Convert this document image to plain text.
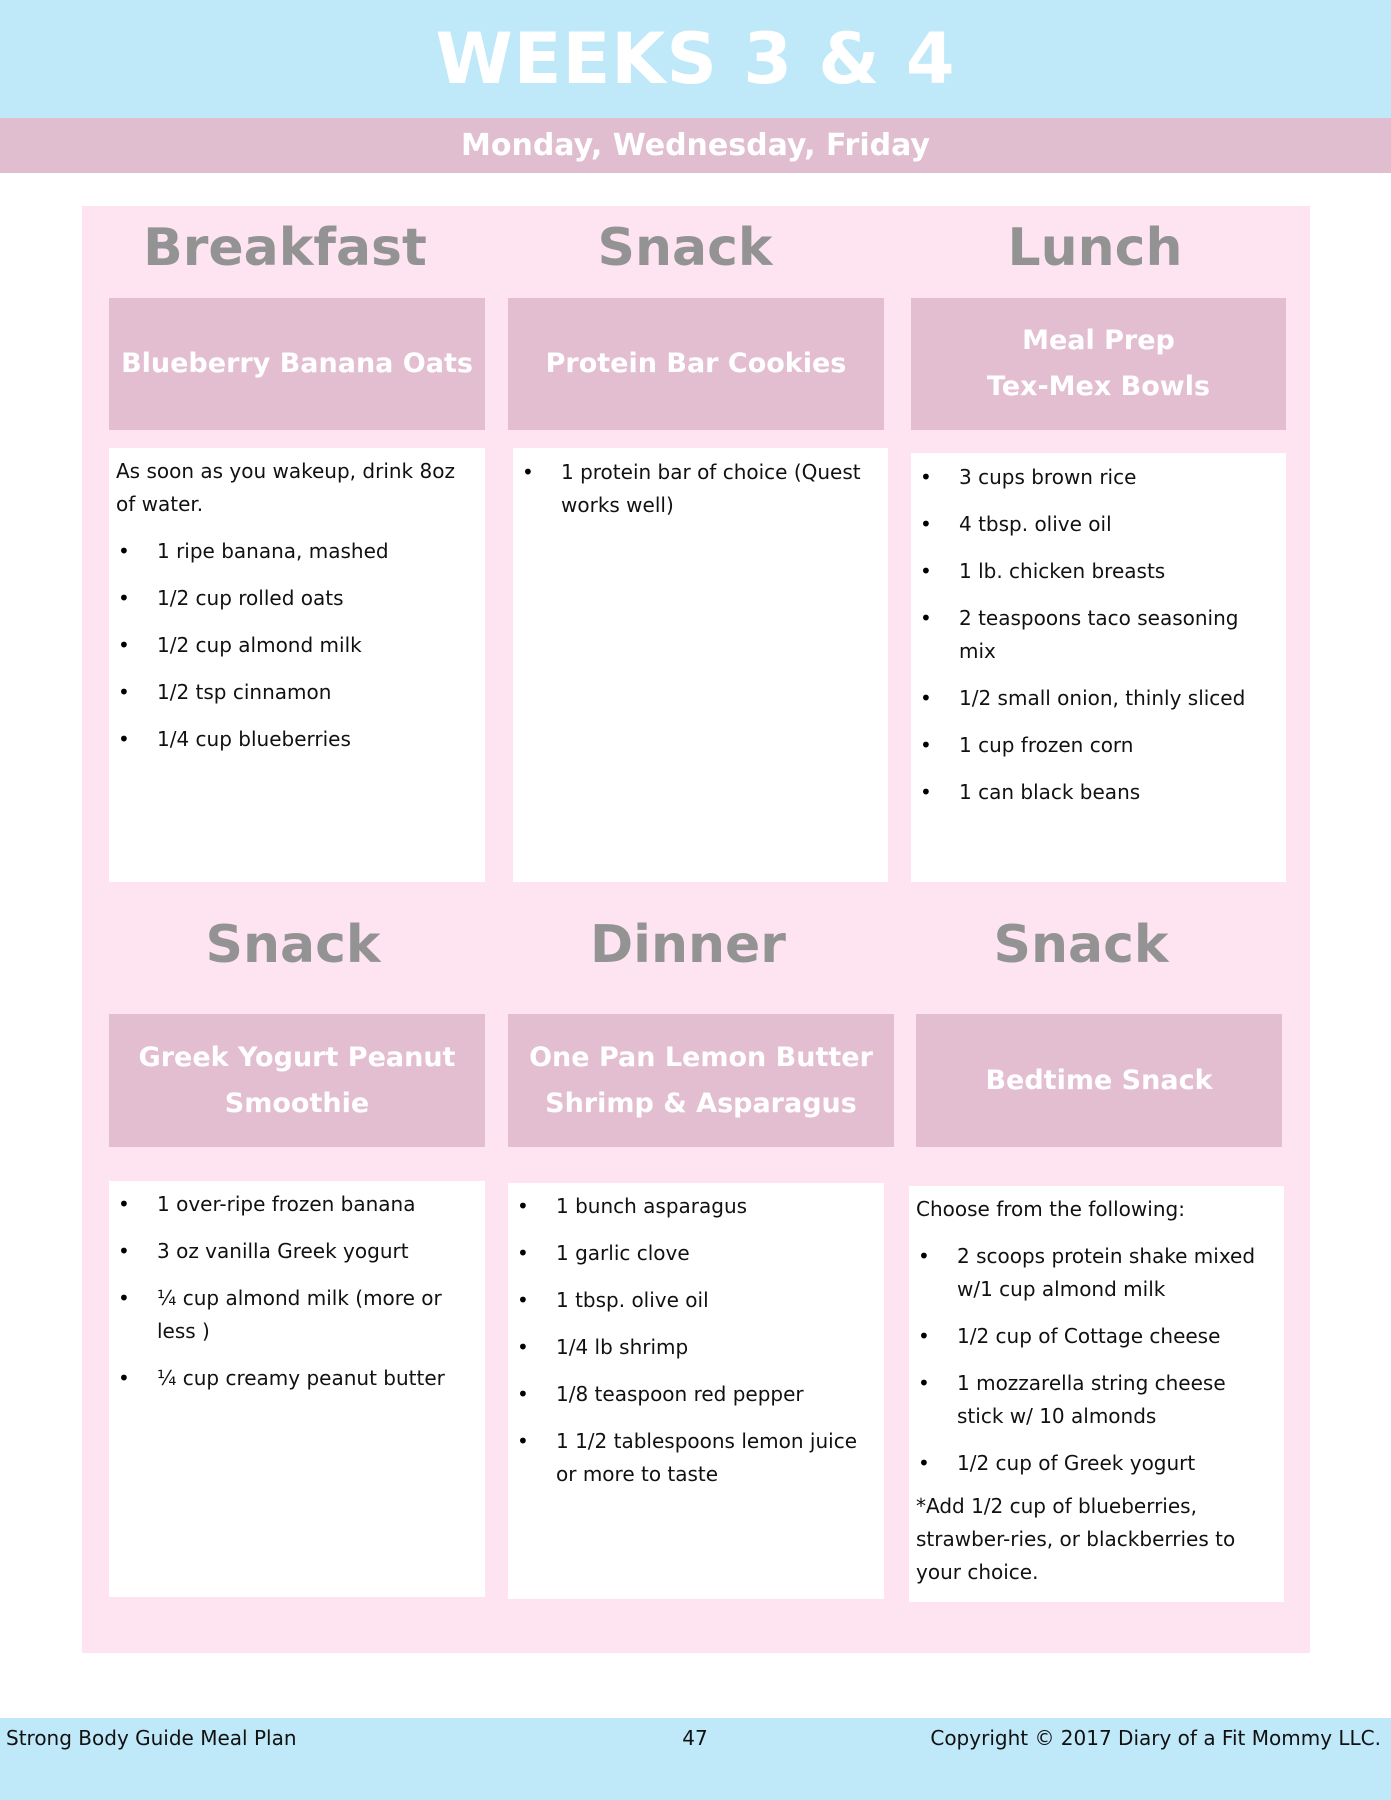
WEEKS 3 & 4
Monday, Wednesday, Friday
Breakfast
Blueberry Banana Oats

As soon as you wakeup, drink 8oz of water.

• 1 ripe banana, mashed
• 1/2 cup rolled oats
• 1/2 cup almond milk
• 1/2 tsp cinnamon
• 1/4 cup blueberries
Snack
Protein Bar Cookies
• 1 protein bar of choice (Quest works well)
Lunch
Meal Prep
Tex-Mex Bowls
• 3 cups brown rice
• 4 tbsp. olive oil
• 1 lb. chicken breasts
• 2 teaspoons taco seasoning mix
• 1/2 small onion, thinly sliced
• 1 cup frozen corn
• 1 can black beans
Snack
Greek Yogurt Peanut
Smoothie
• 1 over-ripe frozen banana
• 3 oz vanilla Greek yogurt
• ¼ cup almond milk (more or less )
• ¼ cup creamy peanut butter
Dinner
One Pan Lemon Butter
Shrimp & Asparagus
• 1 bunch asparagus
• 1 garlic clove
• 1 tbsp. olive oil
• 1/4 lb shrimp
• 1/8 teaspoon red pepper
• 1 1/2 tablespoons lemon juice or more to taste
Snack
Bedtime Snack

Choose from the following:

• 2 scoops protein shake mixed w/1 cup almond milk
• 1/2 cup of Cottage cheese
• 1 mozzarella string cheese stick w/ 10 almonds
• 1/2 cup of Greek yogurt

*Add 1/2 cup of blueberries, strawber-ries, or blackberries to your choice.

Strong Body Guide Meal Plan	47	Copyright © 2017 Diary of a Fit Mommy LLC.
